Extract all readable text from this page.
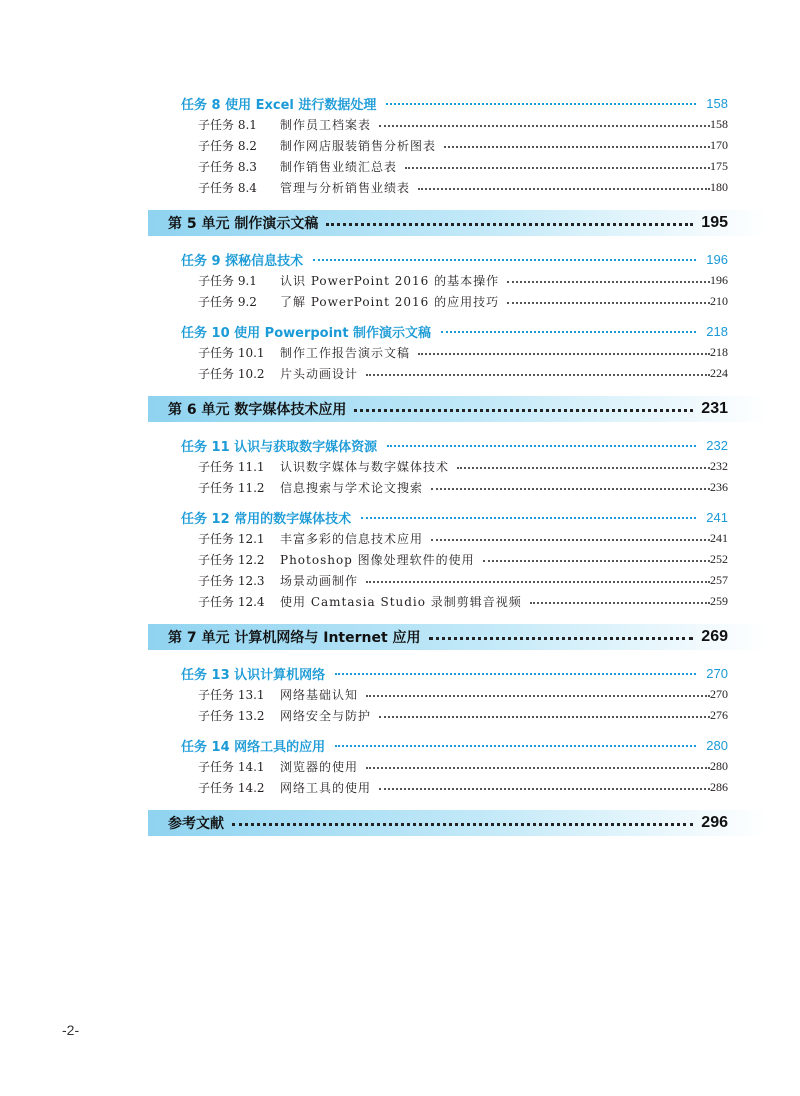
任务 8 使用 Excel 进行数据处理	158
子任务 8.1	制作员工档案表	158
子任务 8.2	制作网店服装销售分析图表	170
子任务 8.3	制作销售业绩汇总表	175
子任务 8.4	管理与分析销售业绩表	180
第 5 单元 制作演示文稿	195
任务 9 探秘信息技术	196
子任务 9.1	认识 PowerPoint 2016 的基本操作	196
子任务 9.2	了解 PowerPoint 2016 的应用技巧	210
任务 10 使用 Powerpoint 制作演示文稿	218
子任务 10.1	制作工作报告演示文稿	218
子任务 10.2	片头动画设计	224
第 6 单元 数字媒体技术应用	231
任务 11 认识与获取数字媒体资源	232
子任务 11.1	认识数字媒体与数字媒体技术	232
子任务 11.2	信息搜索与学术论文搜索	236
任务 12 常用的数字媒体技术	241
子任务 12.1	丰富多彩的信息技术应用	241
子任务 12.2	Photoshop 图像处理软件的使用	252
子任务 12.3	场景动画制作	257
子任务 12.4	使用 Camtasia Studio 录制剪辑音视频	259
第 7 单元 计算机网络与 Internet 应用	269
任务 13 认识计算机网络	270
子任务 13.1	网络基础认知	270
子任务 13.2	网络安全与防护	276
任务 14 网络工具的应用	280
子任务 14.1	浏览器的使用	280
子任务 14.2	网络工具的使用	286
参考文献	296
-2-
